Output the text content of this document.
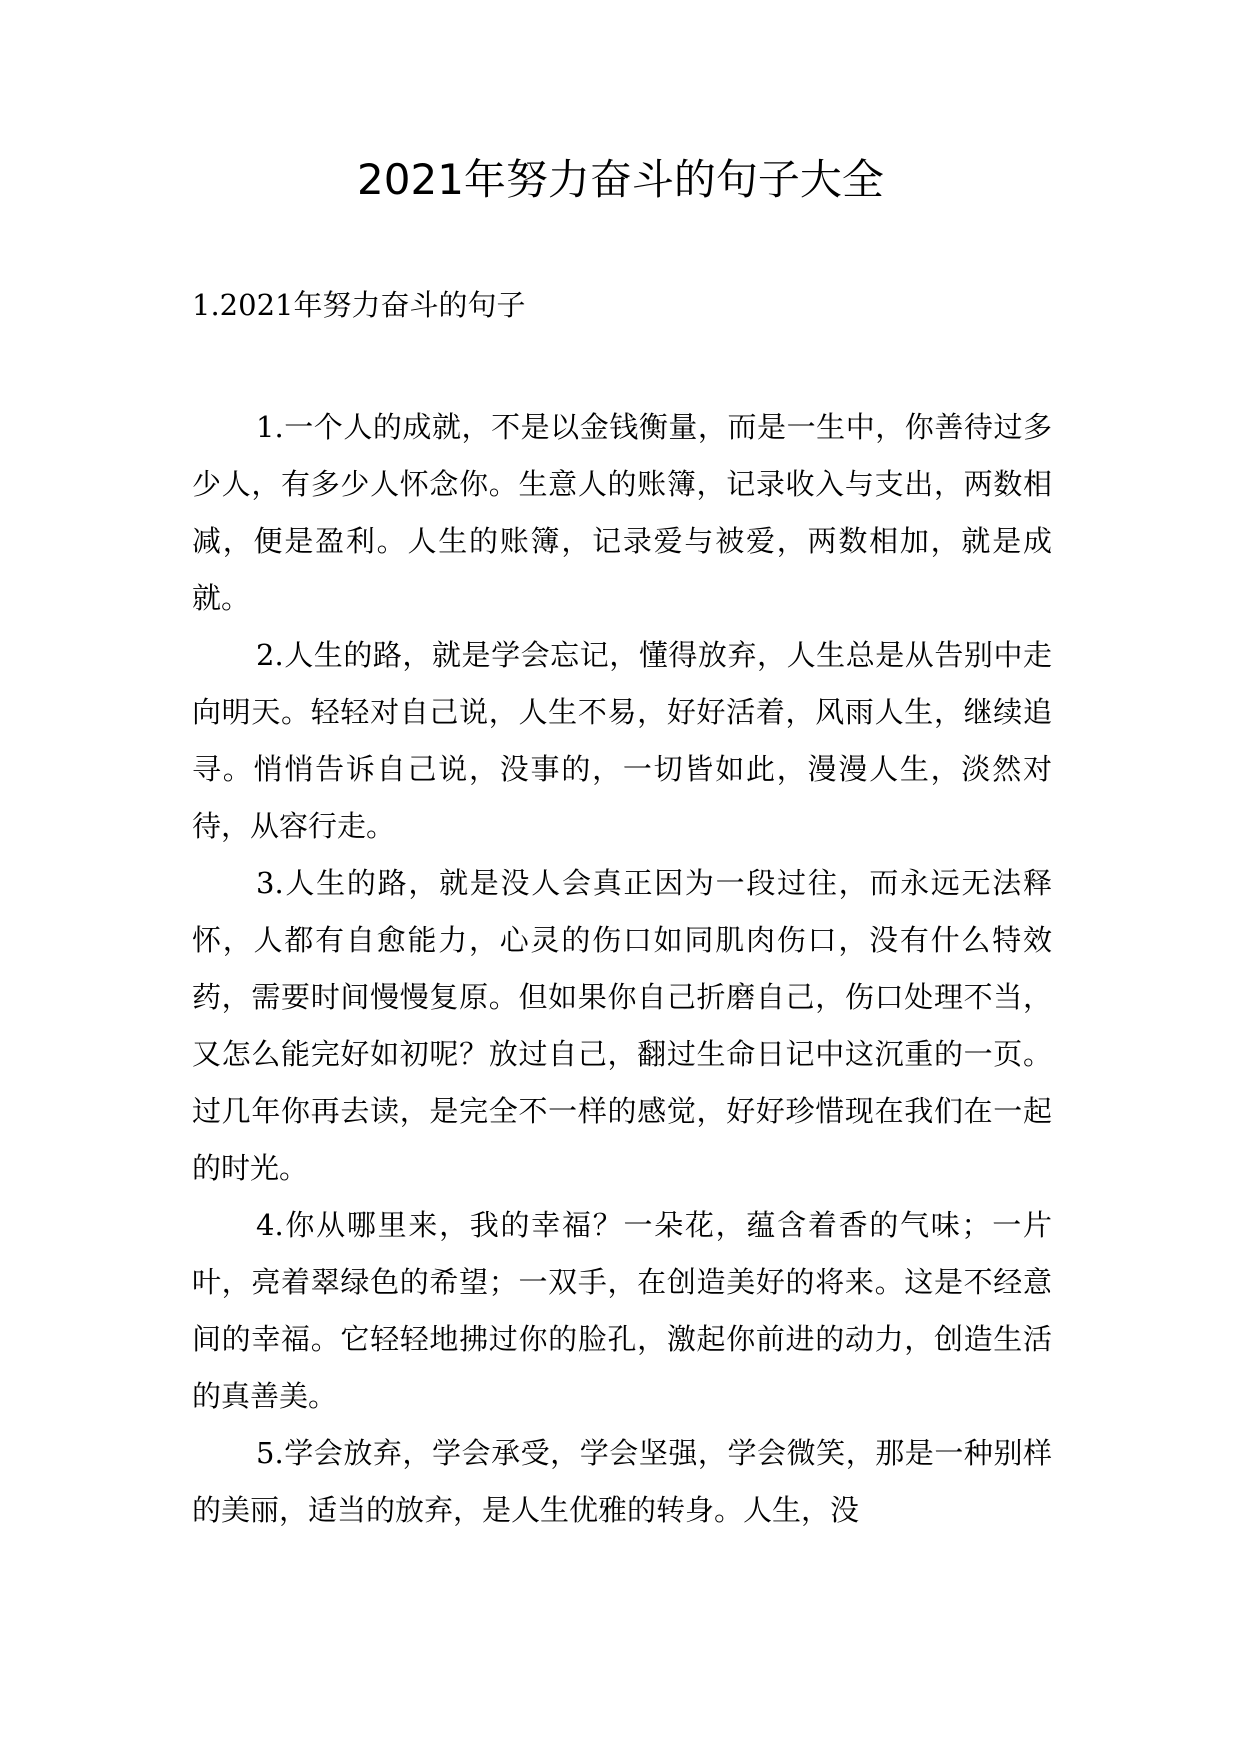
2021年努力奋斗的句子大全
1.2021年努力奋斗的句子

1.一个人的成就，不是以金钱衡量，而是一生中，你善待过多少人，有多少人怀念你。生意人的账簿，记录收入与支出，两数相减，便是盈利。人生的账簿，记录爱与被爱，两数相加，就是成就。

2.人生的路，就是学会忘记，懂得放弃，人生总是从告别中走向明天。轻轻对自己说，人生不易，好好活着，风雨人生，继续追寻。悄悄告诉自己说，没事的，一切皆如此，漫漫人生，淡然对待，从容行走。

3.人生的路，就是没人会真正因为一段过往，而永远无法释怀，人都有自愈能力，心灵的伤口如同肌肉伤口，没有什么特效药，需要时间慢慢复原。但如果你自己折磨自己，伤口处理不当，又怎么能完好如初呢？放过自己，翻过生命日记中这沉重的一页。过几年你再去读，是完全不一样的感觉，好好珍惜现在我们在一起的时光。

4.你从哪里来，我的幸福？一朵花，蕴含着香的气味；一片叶，亮着翠绿色的希望；一双手，在创造美好的将来。这是不经意间的幸福。它轻轻地拂过你的脸孔，激起你前进的动力，创造生活的真善美。

5.学会放弃，学会承受，学会坚强，学会微笑，那是一种别样的美丽，适当的放弃，是人生优雅的转身。人生，没
